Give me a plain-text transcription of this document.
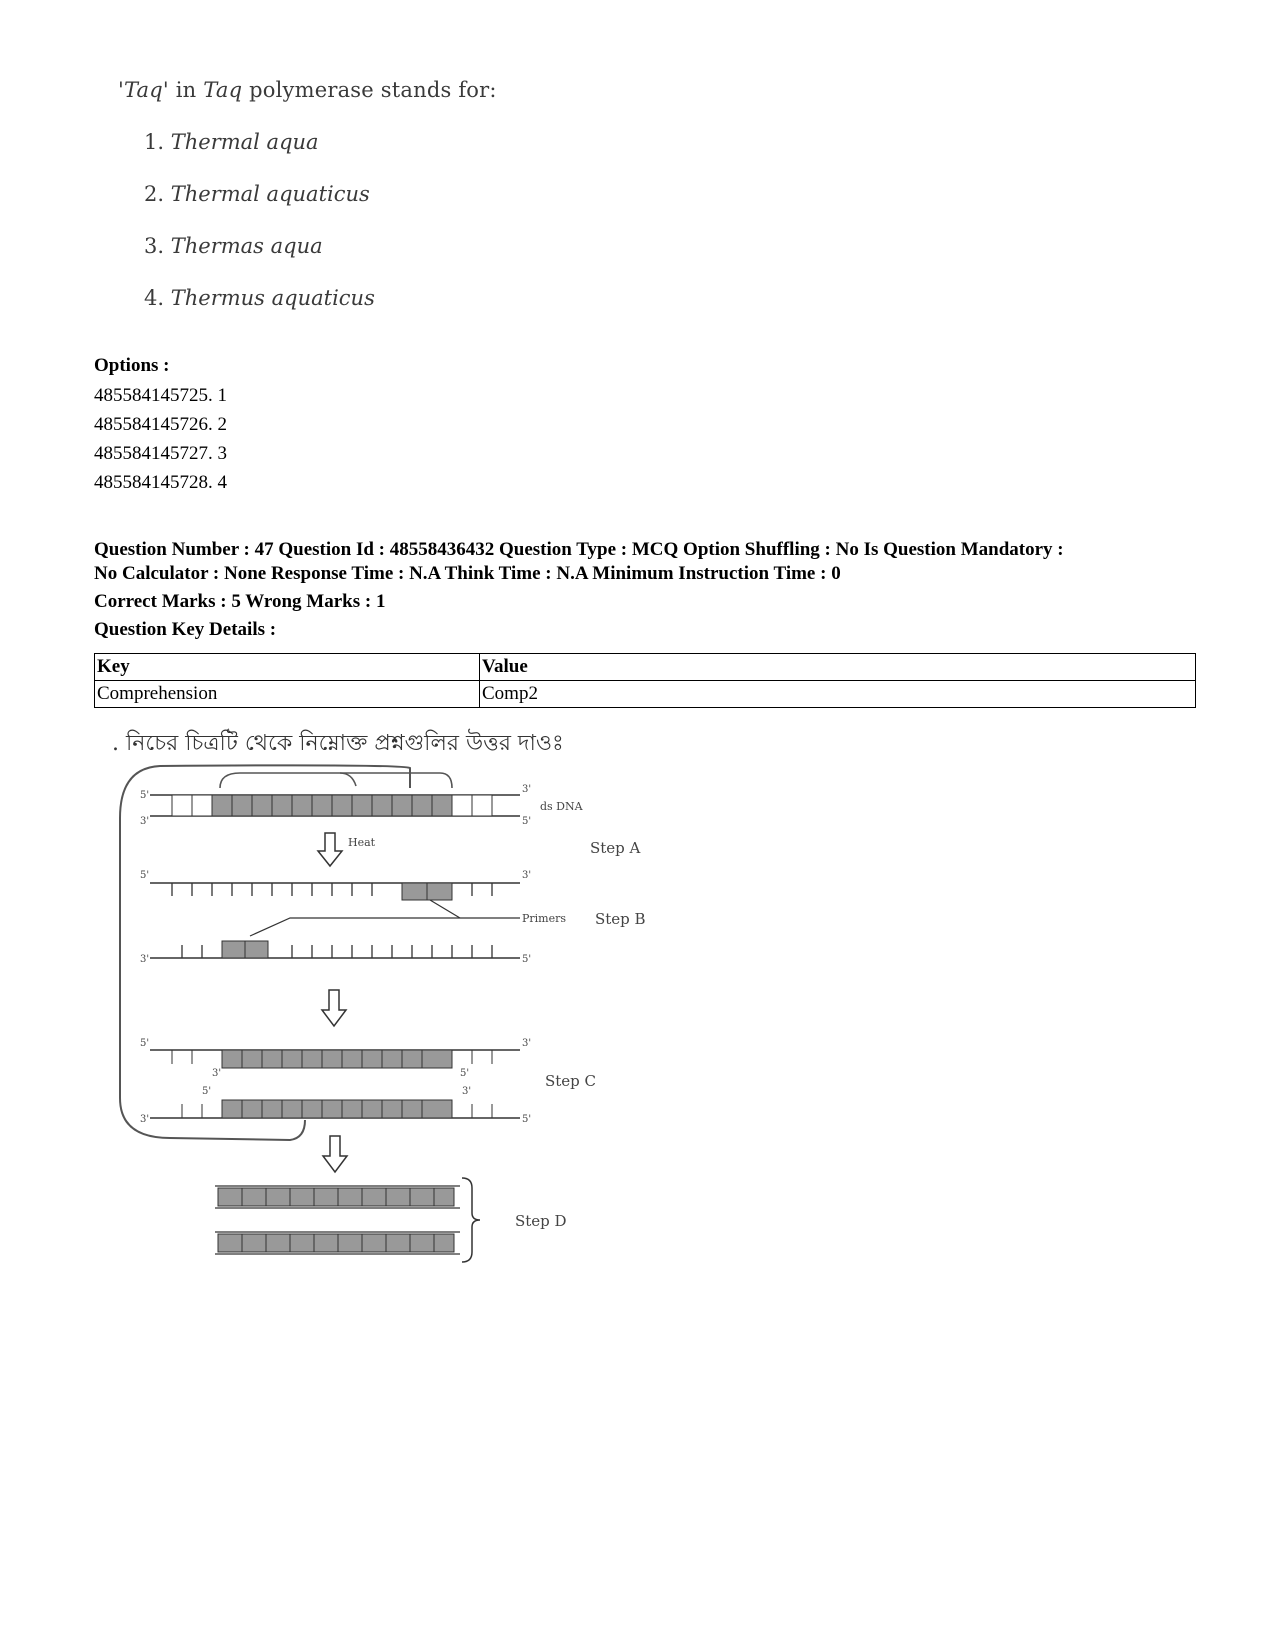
'Taq' in Taq polymerase stands for:
1. Thermal aqua
2. Thermal aquaticus
3. Thermas aqua
4. Thermus aquaticus
Options :
485584145725. 1
485584145726. 2
485584145727. 3
485584145728. 4
Question Number : 47 Question Id : 48558436432 Question Type : MCQ Option Shuffling : No Is Question Mandatory :
No Calculator : None Response Time : N.A Think Time : N.A Minimum Instruction Time : 0
Correct Marks : 5 Wrong Marks : 1
Question Key Details :
Key	Value
Comprehension	Comp2
. নিচের চিত্রটি থেকে নিম্নোক্ত প্রশ্নগুলির উত্তর দাওঃ
5'
3'
3'
5'
ds DNA
Heat	Step A
5'	3'
3'	5'
Primers Step B
5'	3'
3'	5'
5'	3'
3'	5'
Step C
Step D
